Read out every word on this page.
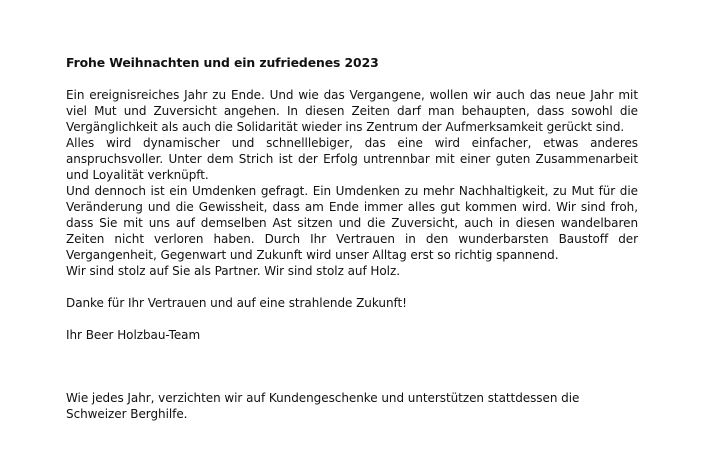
Frohe Weihnachten und ein zufriedenes 2023

Ein ereignisreiches Jahr zu Ende. Und wie das Vergangene, wollen wir auch das neue Jahr mit viel Mut und Zuversicht angehen. In diesen Zeiten darf man behaupten, dass sowohl die Vergänglichkeit als auch die Solidarität wieder ins Zentrum der Aufmerksamkeit gerückt sind.
Alles wird dynamischer und schnelllebiger, das eine wird einfacher, etwas anderes anspruchsvoller. Unter dem Strich ist der Erfolg untrennbar mit einer guten Zusammenarbeit und Loyalität verknüpft.
Und dennoch ist ein Umdenken gefragt. Ein Umdenken zu mehr Nachhaltigkeit, zu Mut für die Veränderung und die Gewissheit, dass am Ende immer alles gut kommen wird. Wir sind froh, dass Sie mit uns auf demselben Ast sitzen und die Zuversicht, auch in diesen wandelbaren Zeiten nicht verloren haben. Durch Ihr Vertrauen in den wunderbarsten Baustoff der Vergangenheit, Gegenwart und Zukunft wird unser Alltag erst so richtig spannend.
Wir sind stolz auf Sie als Partner. Wir sind stolz auf Holz.

Danke für Ihr Vertrauen und auf eine strahlende Zukunft!

Ihr Beer Holzbau-Team

Wie jedes Jahr, verzichten wir auf Kundengeschenke und unterstützen stattdessen die Schweizer Berghilfe.
